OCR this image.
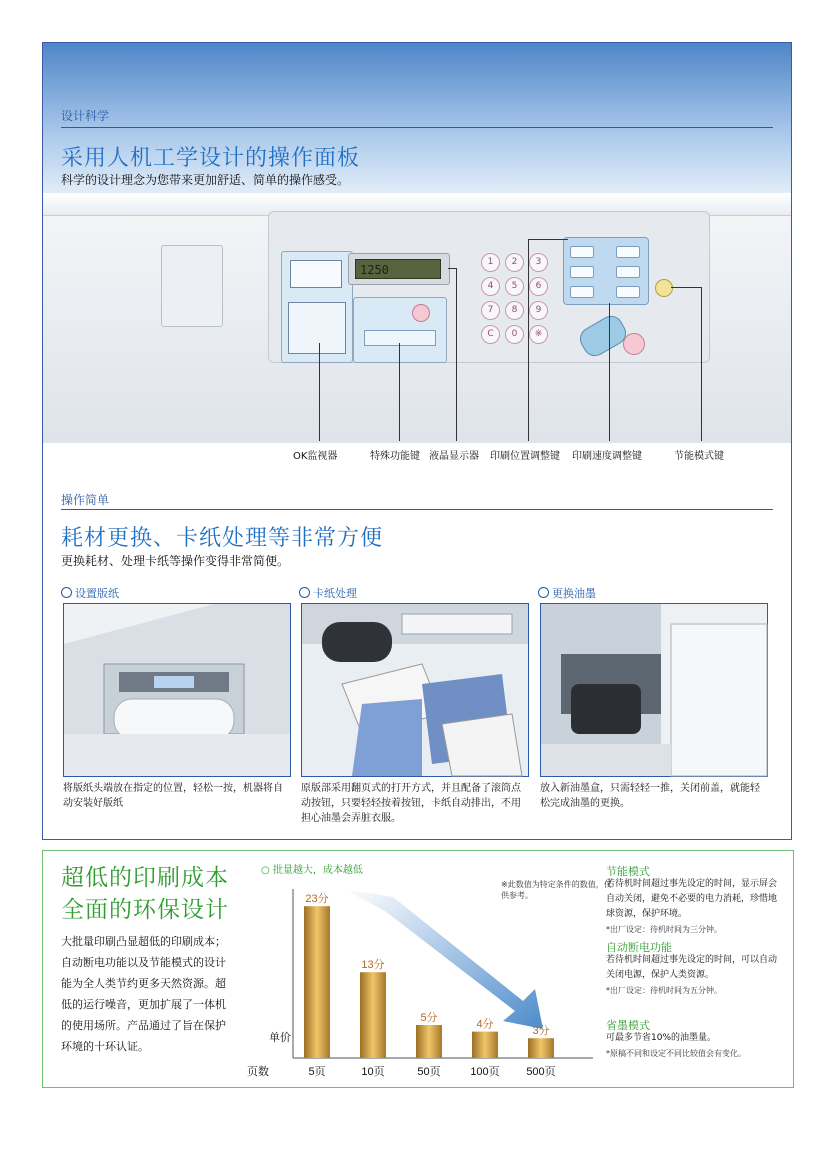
设计科学
采用人机工学设计的操作面板
科学的设计理念为您带来更加舒适、简单的操作感受。
1250
1	2	3
4	5	6
7	8	9
C	0	※
OK监视器	特殊功能键 液晶显示器 印刷位置调整键 印刷速度调整键	节能模式键
操作简单
耗材更换、卡纸处理等非常方便
更换耗材、处理卡纸等操作变得非常简便。
设置版纸	卡纸处理	更换油墨
将版纸头端放在指定的位置，轻松一按，机器将自动安装好版纸
原版部采用翻页式的打开方式，并且配备了滚筒点动按钮，只要轻轻按着按钮，卡纸自动排出，不用担心油墨会弄脏衣服。
放入新油墨盒，只需轻轻一推，关闭前盖，就能轻松完成油墨的更换。
超低的印刷成本
全面的环保设计
大批量印刷凸显超低的印刷成本；自动断电功能以及节能模式的设计能为全人类节约更多天然资源。超低的运行噪音，更加扩展了一体机的使用场所。产品通过了旨在保护环境的十环认证。
○ 批量越大，成本越低
※此数值为特定条件的数值，仅供参考。
23分
5页
13分
10页
5分
50页
4分
100页
3分
500页
单价
页数
节能模式
若待机时间超过事先设定的时间，显示屏会自动关闭，避免不必要的电力消耗，珍惜地球资源，保护环境。
*出厂设定：待机时间为三分钟。
自动断电功能
若待机时间超过事先设定的时间，可以自动关闭电源，保护人类资源。
*出厂设定：待机时间为五分钟。
省墨模式
可最多节省10%的油墨量。
*原稿不同和设定不同比较值会有变化。
